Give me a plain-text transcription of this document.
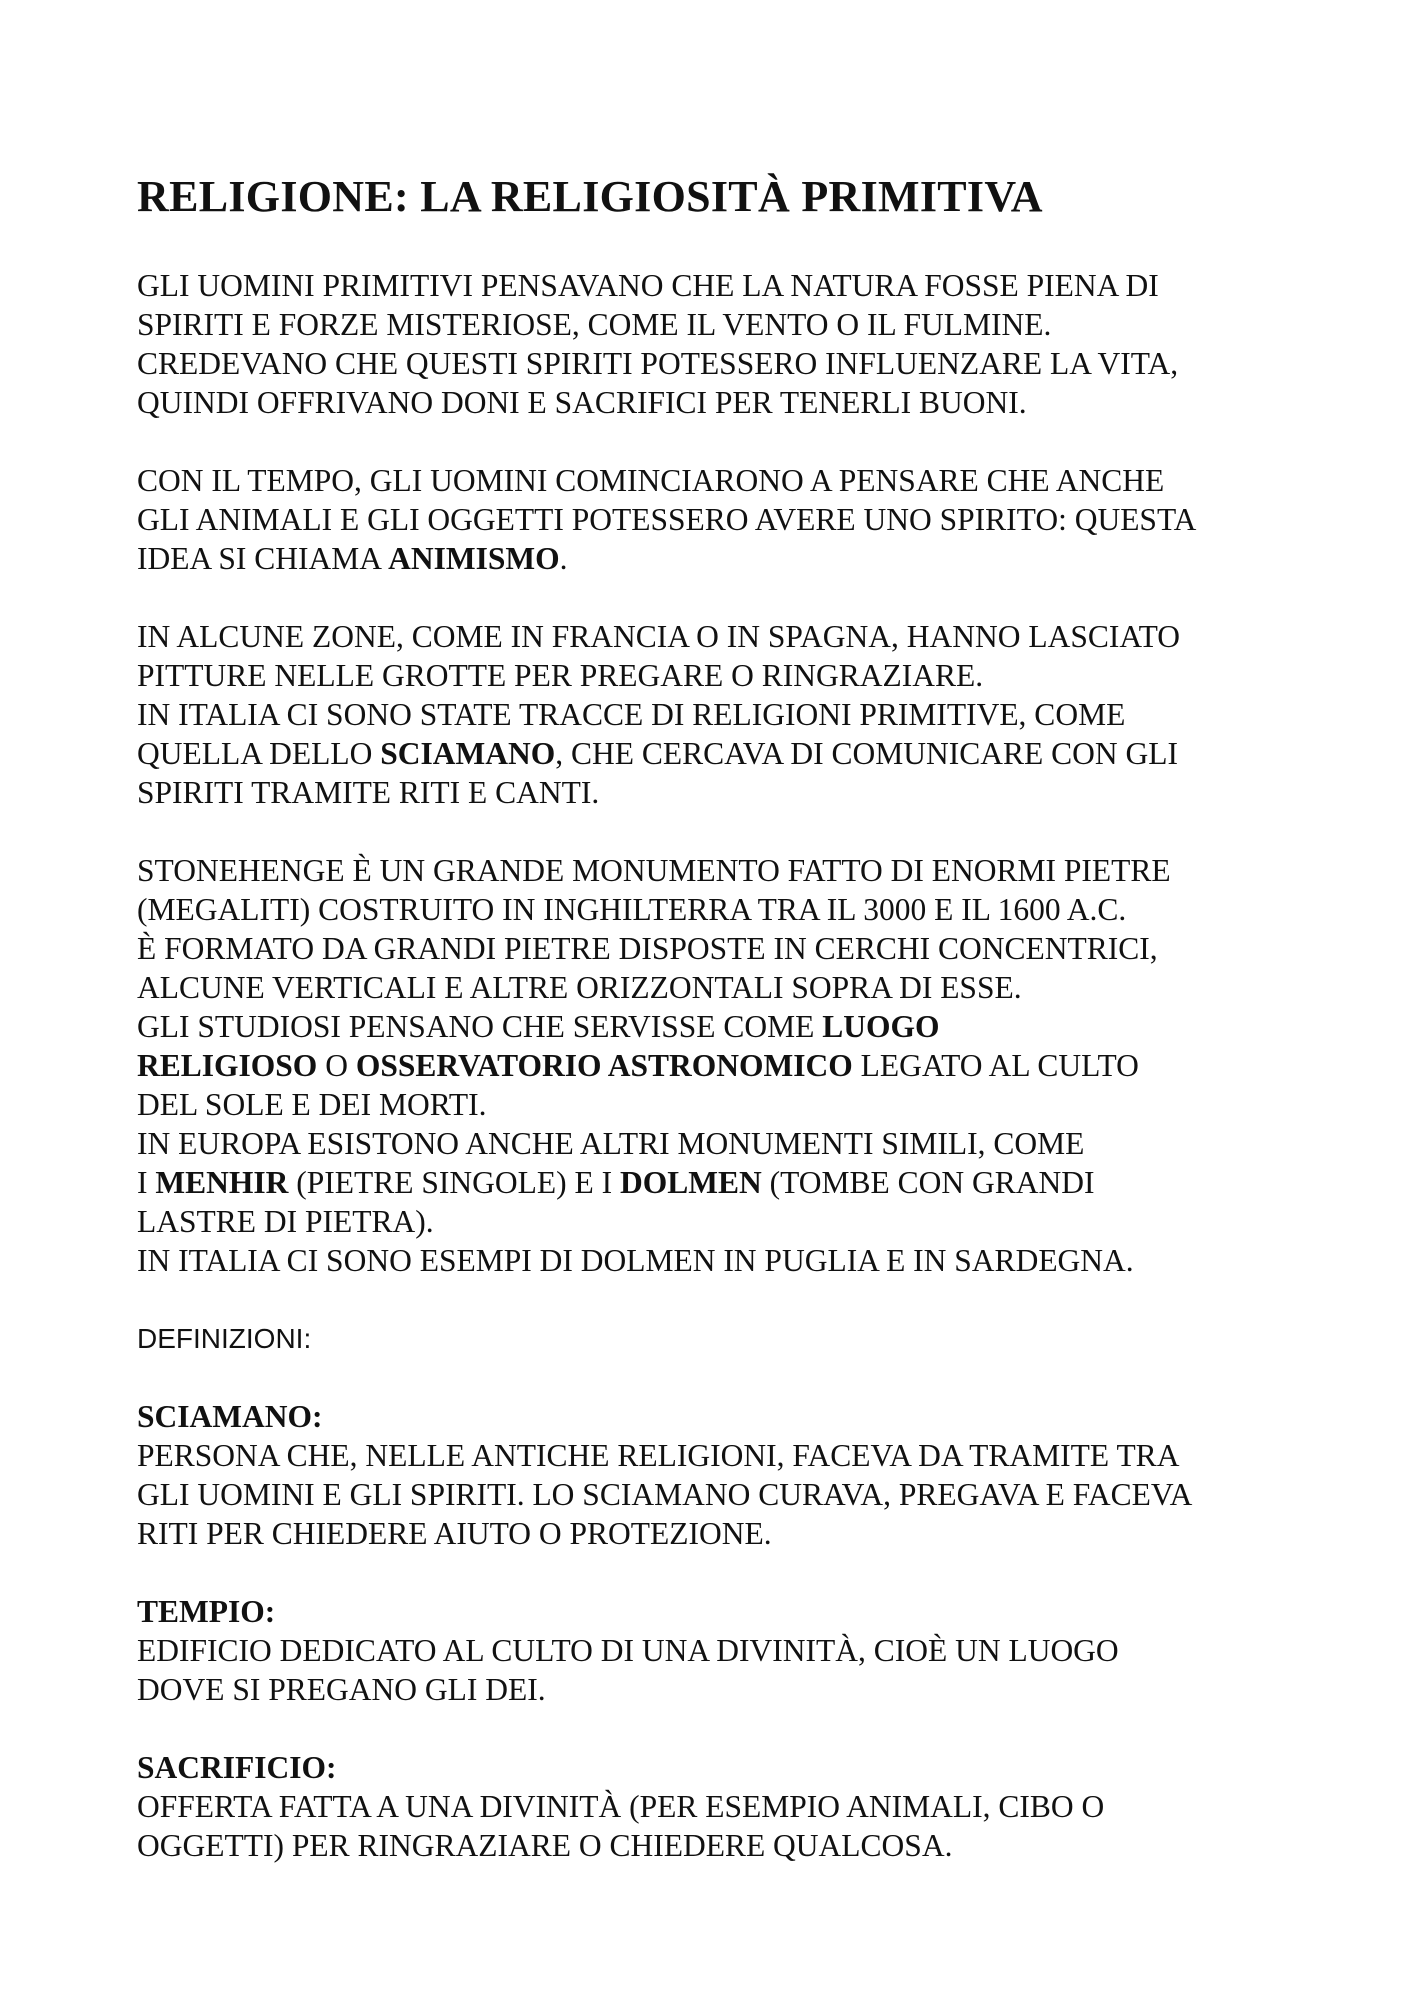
RELIGIONE: LA RELIGIOSITÀ PRIMITIVA

GLI UOMINI PRIMITIVI PENSAVANO CHE LA NATURA FOSSE PIENA DI
SPIRITI E FORZE MISTERIOSE, COME IL VENTO O IL FULMINE.
CREDEVANO CHE QUESTI SPIRITI POTESSERO INFLUENZARE LA VITA,
QUINDI OFFRIVANO DONI E SACRIFICI PER TENERLI BUONI.

CON IL TEMPO, GLI UOMINI COMINCIARONO A PENSARE CHE ANCHE
GLI ANIMALI E GLI OGGETTI POTESSERO AVERE UNO SPIRITO: QUESTA
IDEA SI CHIAMA ANIMISMO.

IN ALCUNE ZONE, COME IN FRANCIA O IN SPAGNA, HANNO LASCIATO
PITTURE NELLE GROTTE PER PREGARE O RINGRAZIARE.
IN ITALIA CI SONO STATE TRACCE DI RELIGIONI PRIMITIVE, COME
QUELLA DELLO SCIAMANO, CHE CERCAVA DI COMUNICARE CON GLI
SPIRITI TRAMITE RITI E CANTI.

STONEHENGE È UN GRANDE MONUMENTO FATTO DI ENORMI PIETRE
(MEGALITI) COSTRUITO IN INGHILTERRA TRA IL 3000 E IL 1600 A.C.
È FORMATO DA GRANDI PIETRE DISPOSTE IN CERCHI CONCENTRICI,
ALCUNE VERTICALI E ALTRE ORIZZONTALI SOPRA DI ESSE.
GLI STUDIOSI PENSANO CHE SERVISSE COME LUOGO
RELIGIOSO O OSSERVATORIO ASTRONOMICO LEGATO AL CULTO
DEL SOLE E DEI MORTI.
IN EUROPA ESISTONO ANCHE ALTRI MONUMENTI SIMILI, COME
I MENHIR (PIETRE SINGOLE) E I DOLMEN (TOMBE CON GRANDI
LASTRE DI PIETRA).
IN ITALIA CI SONO ESEMPI DI DOLMEN IN PUGLIA E IN SARDEGNA.

DEFINIZIONI:
SCIAMANO:
PERSONA CHE, NELLE ANTICHE RELIGIONI, FACEVA DA TRAMITE TRA
GLI UOMINI E GLI SPIRITI. LO SCIAMANO CURAVA, PREGAVA E FACEVA
RITI PER CHIEDERE AIUTO O PROTEZIONE.
TEMPIO:
EDIFICIO DEDICATO AL CULTO DI UNA DIVINITÀ, CIOÈ UN LUOGO
DOVE SI PREGANO GLI DEI.
SACRIFICIO:
OFFERTA FATTA A UNA DIVINITÀ (PER ESEMPIO ANIMALI, CIBO O
OGGETTI) PER RINGRAZIARE O CHIEDERE QUALCOSA.
